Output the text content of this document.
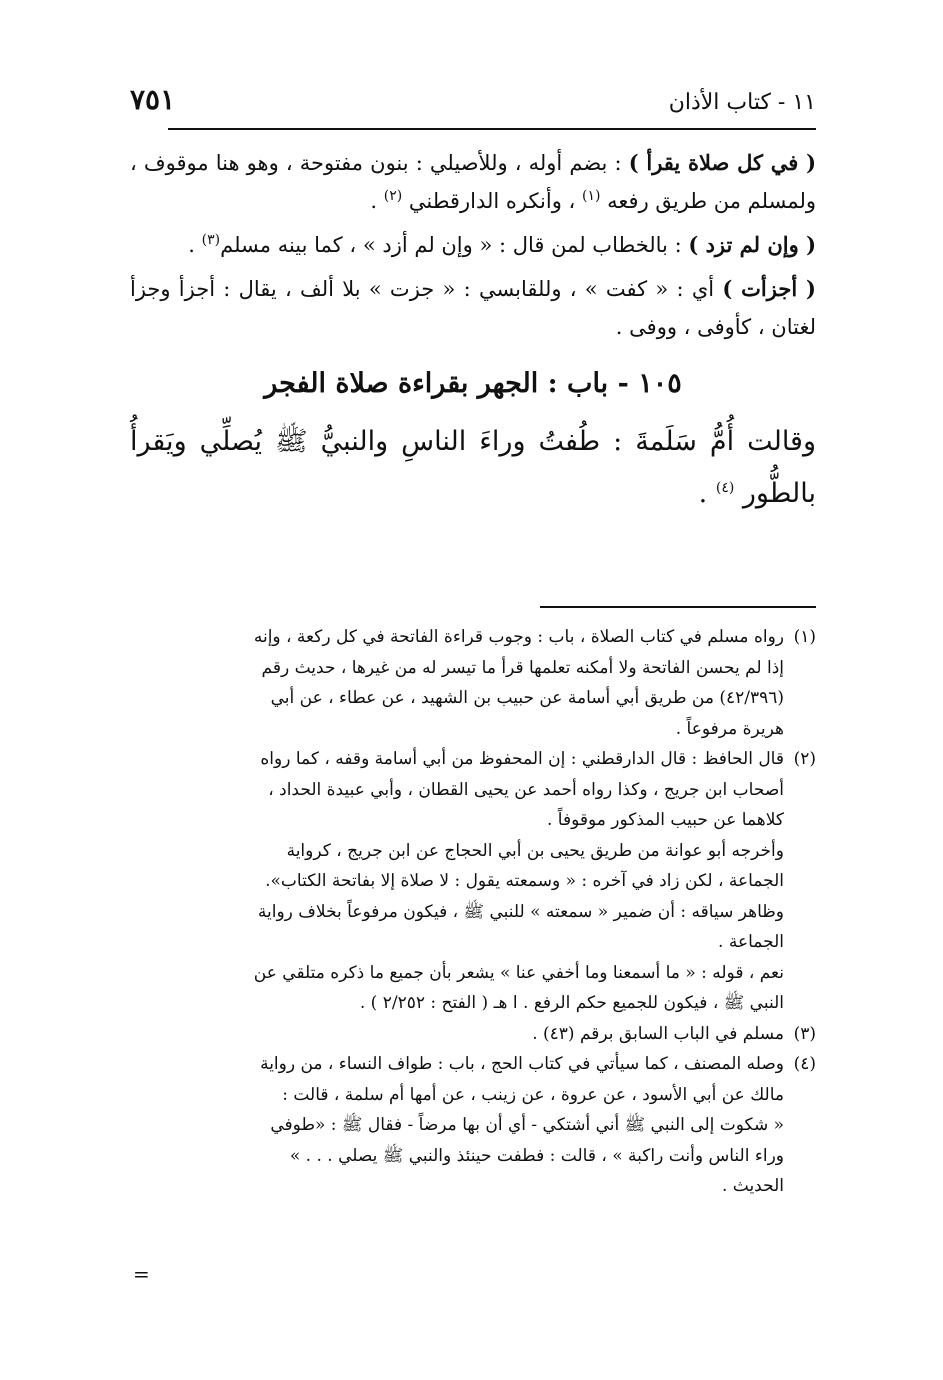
١١ - كتاب الأذان
٧٥١

( في كل صلاة يقرأ ) : بضم أوله ، وللأصيلي : بنون مفتوحة ، وهو هنا موقوف ، ولمسلم من طريق رفعه $^{(١)}$ ، وأنكره الدارقطني $^{(٢)}$ .

( وإن لم تزد ) : بالخطاب لمن قال : « وإن لم أزد » ، كما بينه مسلم$^{(٣)}$ .

( أجزأت ) أي : « كفت » ، وللقابسي : « جزت » بلا ألف ، يقال : أجزأ وجزأ لغتان ، كأوفى ، ووفى .

١٠٥ - باب : الجهر بقراءة صلاة الفجر

وقالت أُمُّ سَلَمةَ : طُفتُ وراءَ الناسِ والنبيُّ ﷺ يُصلِّي ويَقرأُ بالطُّور $^{(٤)}$ .

(١)

رواه مسلم في كتاب الصلاة ، باب : وجوب قراءة الفاتحة في كل ركعة ، وإنه

إذا لم يحسن الفاتحة ولا أمكنه تعلمها قرأ ما تيسر له من غيرها ، حديث رقم

(٤٢/٣٩٦) من طريق أبي أسامة عن حبيب بن الشهيد ، عن عطاء ، عن أبي

هريرة مرفوعاً .

(٢)

قال الحافظ : قال الدارقطني : إن المحفوظ من أبي أسامة وقفه ، كما رواه

أصحاب ابن جريج ، وكذا رواه أحمد عن يحيى القطان ، وأبي عبيدة الحداد ،

كلاهما عن حبيب المذكور موقوفاً .

وأخرجه أبو عوانة من طريق يحيى بن أبي الحجاج عن ابن جريج ، كرواية

الجماعة ، لكن زاد في آخره : « وسمعته يقول : لا صلاة إلا بفاتحة الكتاب».

وظاهر سياقه : أن ضمير « سمعته » للنبي ﷺ ، فيكون مرفوعاً بخلاف رواية

الجماعة .

نعم ، قوله : « ما أسمعنا وما أخفي عنا » يشعر بأن جميع ما ذكره متلقي عن

النبي ﷺ ، فيكون للجميع حكم الرفع . ا هـ ( الفتح : ٢/٢٥٢ ) .

(٣)

مسلم في الباب السابق برقم (٤٣) .

(٤)

وصله المصنف ، كما سيأتي في كتاب الحج ، باب : طواف النساء ، من رواية

مالك عن أبي الأسود ، عن عروة ، عن زينب ، عن أمها أم سلمة ، قالت :

« شكوت إلى النبي ﷺ أني أشتكي - أي أن بها مرضاً - فقال ﷺ : «طوفي

وراء الناس وأنت راكبة » ، قالت : فطفت حينئذ والنبي ﷺ يصلي . . . »

الحديث .

=
